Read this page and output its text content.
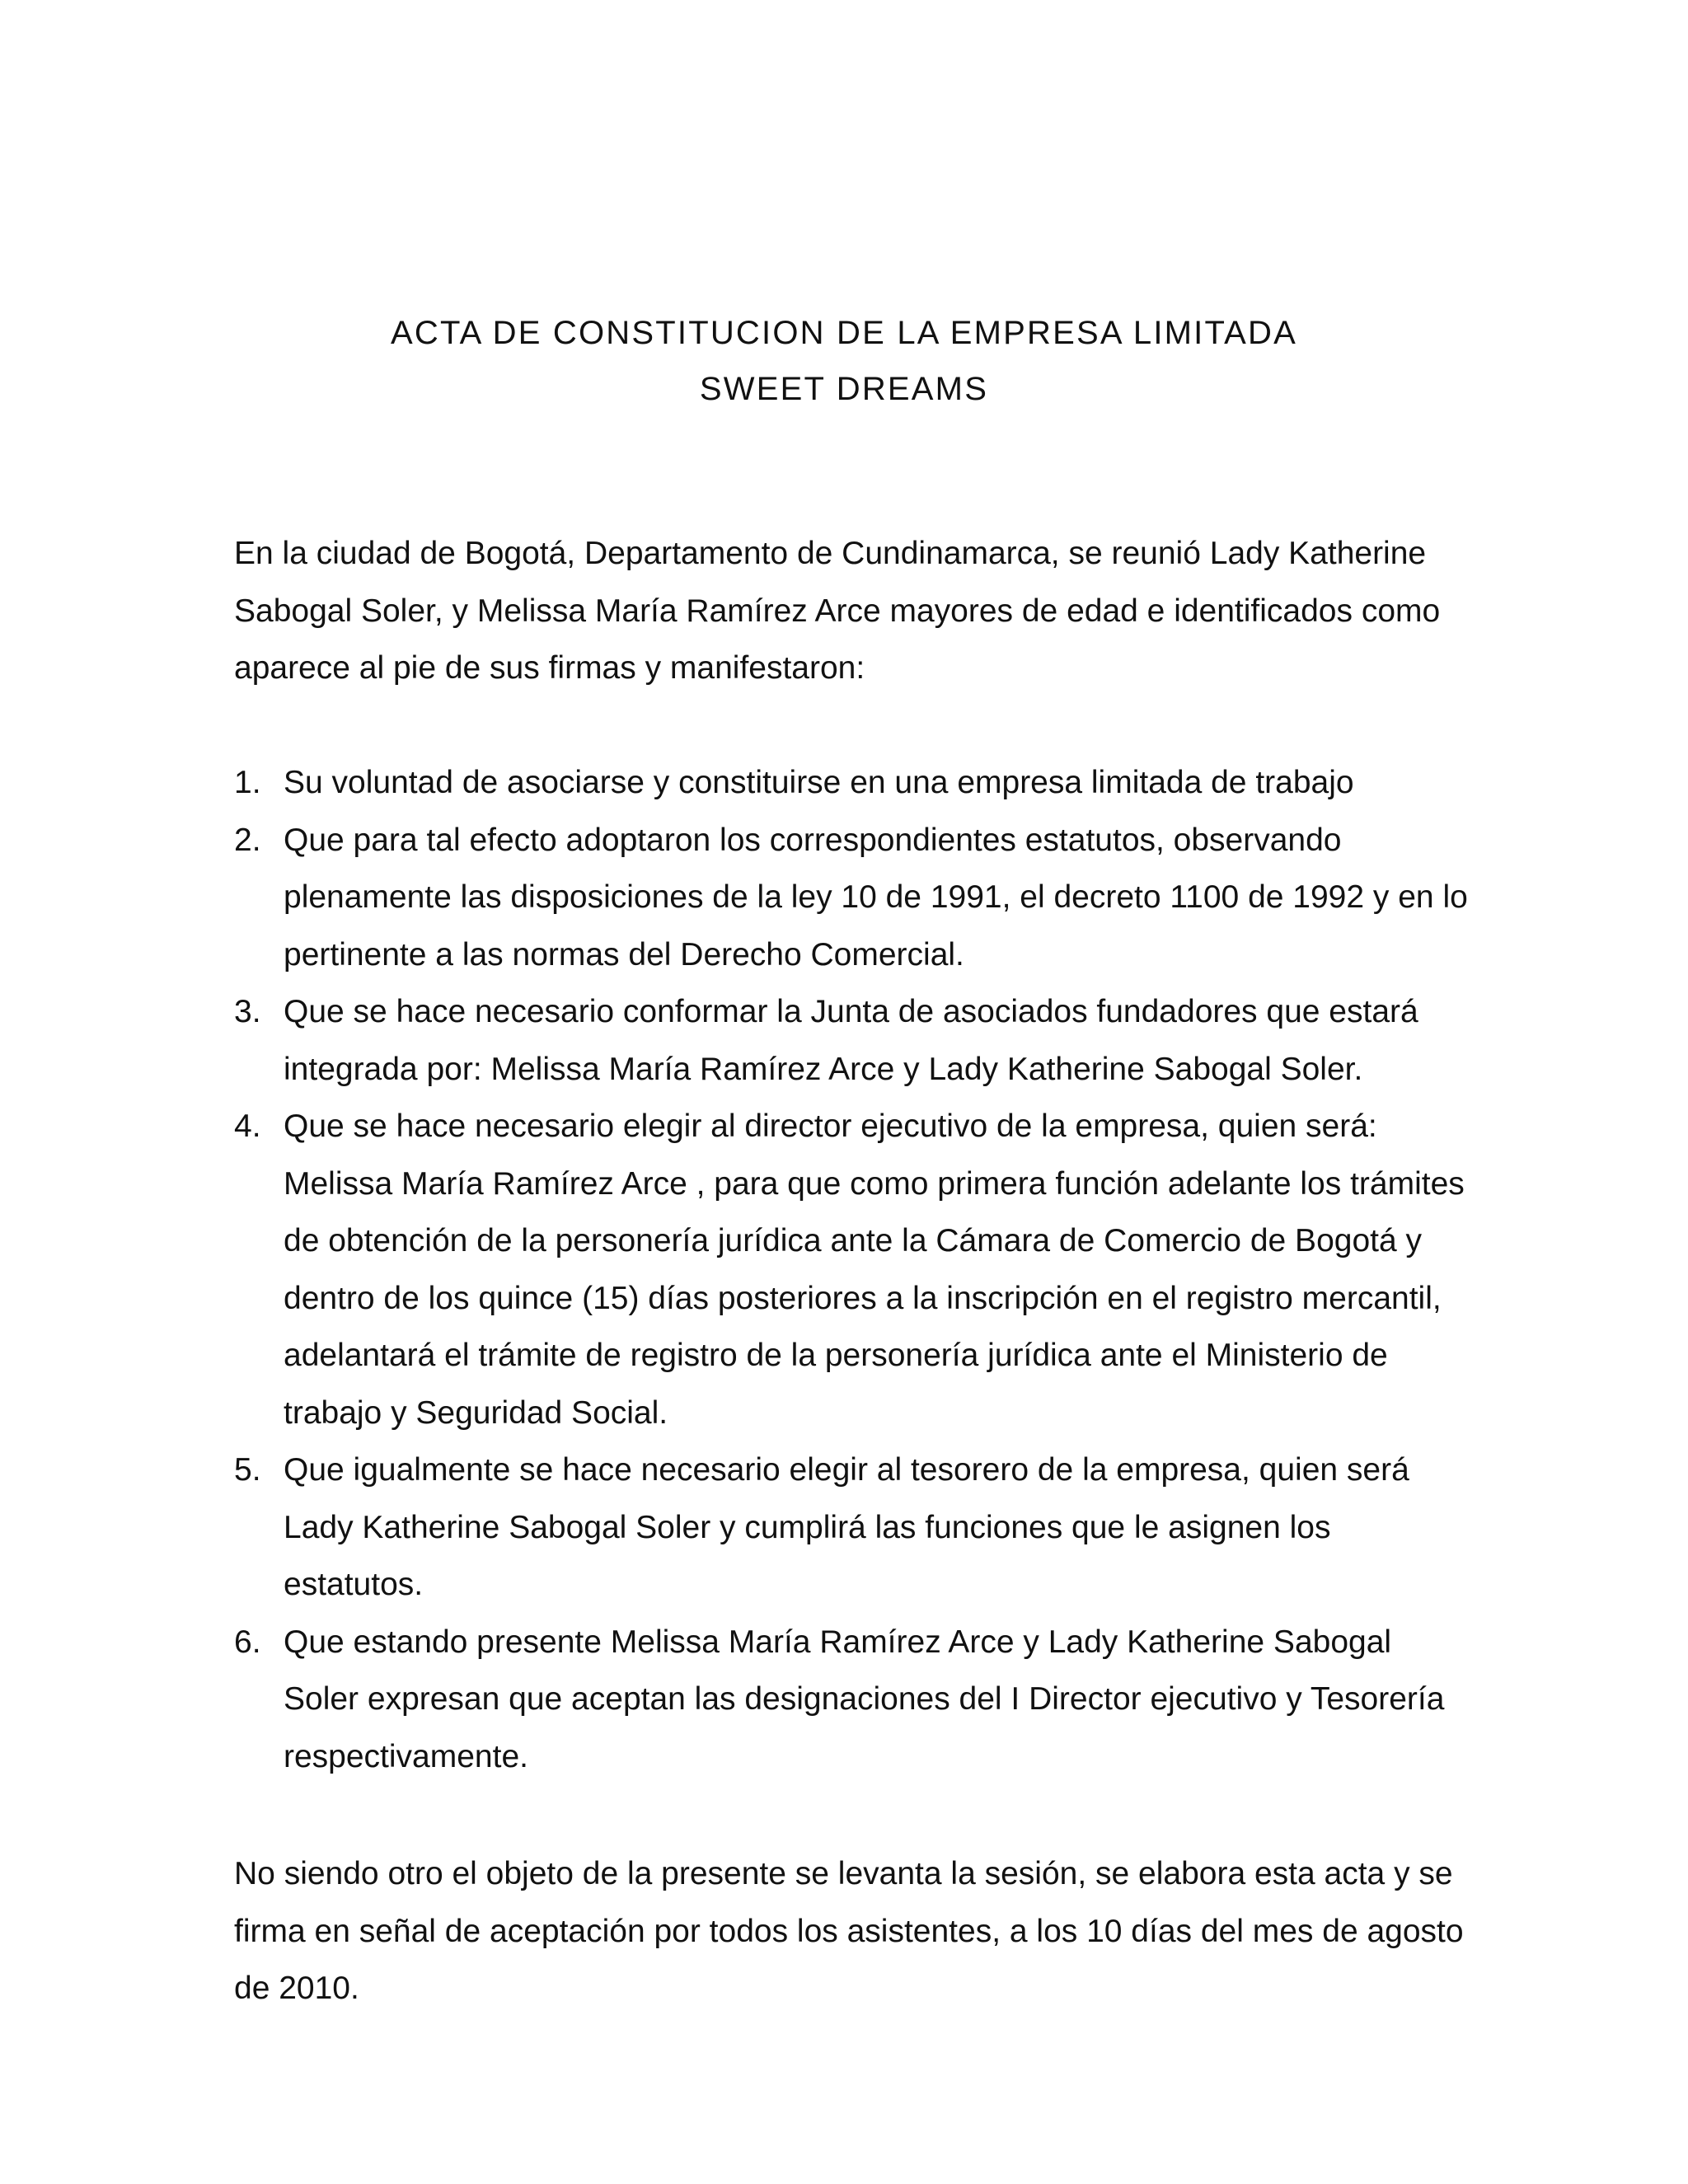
ACTA DE CONSTITUCION DE LA EMPRESA LIMITADA
SWEET DREAMS

En la ciudad de Bogotá, Departamento de Cundinamarca, se reunió Lady Katherine Sabogal Soler, y Melissa María Ramírez Arce mayores de edad e identificados como aparece al pie de sus firmas y manifestaron:

1. Su voluntad de asociarse y constituirse en una empresa limitada de trabajo
2. Que para tal efecto adoptaron los correspondientes estatutos, observando plenamente las disposiciones de la ley 10 de 1991, el decreto 1100 de 1992 y en lo pertinente a las normas del Derecho Comercial.
3. Que se hace necesario conformar la Junta de asociados fundadores que estará integrada por: Melissa María Ramírez Arce y Lady Katherine Sabogal Soler.
4. Que se hace necesario elegir al director ejecutivo de la empresa, quien será: Melissa María Ramírez Arce , para que como primera función adelante los trámites de obtención de la personería jurídica ante la Cámara de Comercio de Bogotá y dentro de los quince (15) días posteriores a la inscripción en el registro mercantil, adelantará el trámite de registro de la personería jurídica ante el Ministerio de trabajo y Seguridad Social.
5. Que igualmente se hace necesario elegir al tesorero de la empresa, quien será Lady Katherine Sabogal Soler y cumplirá las funciones que le asignen los estatutos.
6. Que estando presente Melissa María Ramírez Arce y Lady Katherine Sabogal Soler expresan que aceptan las designaciones del I Director ejecutivo y Tesorería respectivamente.

No siendo otro el objeto de la presente se levanta la sesión, se elabora esta acta y se firma en señal de aceptación por todos los asistentes, a los 10 días del mes de agosto de 2010.
